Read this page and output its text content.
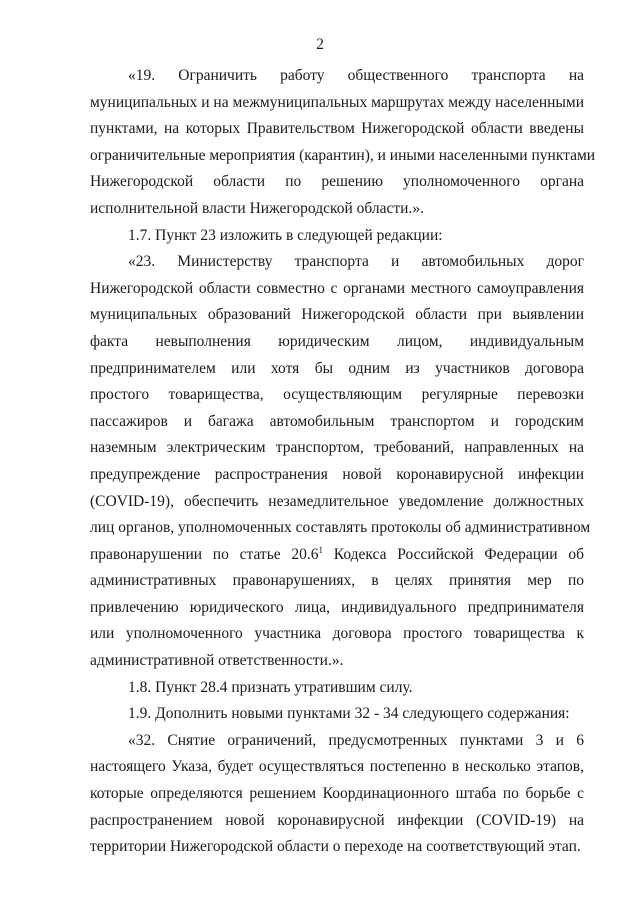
2

«19. Ограничить работу общественного транспорта на
муниципальных и на межмуниципальных маршрутах между населенными
пунктами, на которых Правительством Нижегородской области введены
ограничительные мероприятия (карантин), и иными населенными пунктами
Нижегородской области по решению уполномоченного органа
исполнительной власти Нижегородской области.».

1.7. Пункт 23 изложить в следующей редакции:

«23. Министерству транспорта и автомобильных дорог
Нижегородской области совместно с органами местного самоуправления
муниципальных образований Нижегородской области при выявлении
факта невыполнения юридическим лицом, индивидуальным
предпринимателем или хотя бы одним из участников договора
простого товарищества, осуществляющим регулярные перевозки
пассажиров и багажа автомобильным транспортом и городским
наземным электрическим транспортом, требований, направленных на
предупреждение распространения новой коронавирусной инфекции
(COVID-19), обеспечить незамедлительное уведомление должностных
лиц органов, уполномоченных составлять протоколы об административном
правонарушении по статье 20.6$^1$ Кодекса Российской Федерации об
административных правонарушениях, в целях принятия мер по
привлечению юридического лица, индивидуального предпринимателя
или уполномоченного участника договора простого товарищества к
административной ответственности.».

1.8. Пункт 28.4 признать утратившим силу.

1.9. Дополнить новыми пунктами 32 - 34 следующего содержания:

«32. Снятие ограничений, предусмотренных пунктами 3 и 6
настоящего Указа, будет осуществляться постепенно в несколько этапов,
которые определяются решением Координационного штаба по борьбе с
распространением новой коронавирусной инфекции (COVID-19) на
территории Нижегородской области о переходе на соответствующий этап.
